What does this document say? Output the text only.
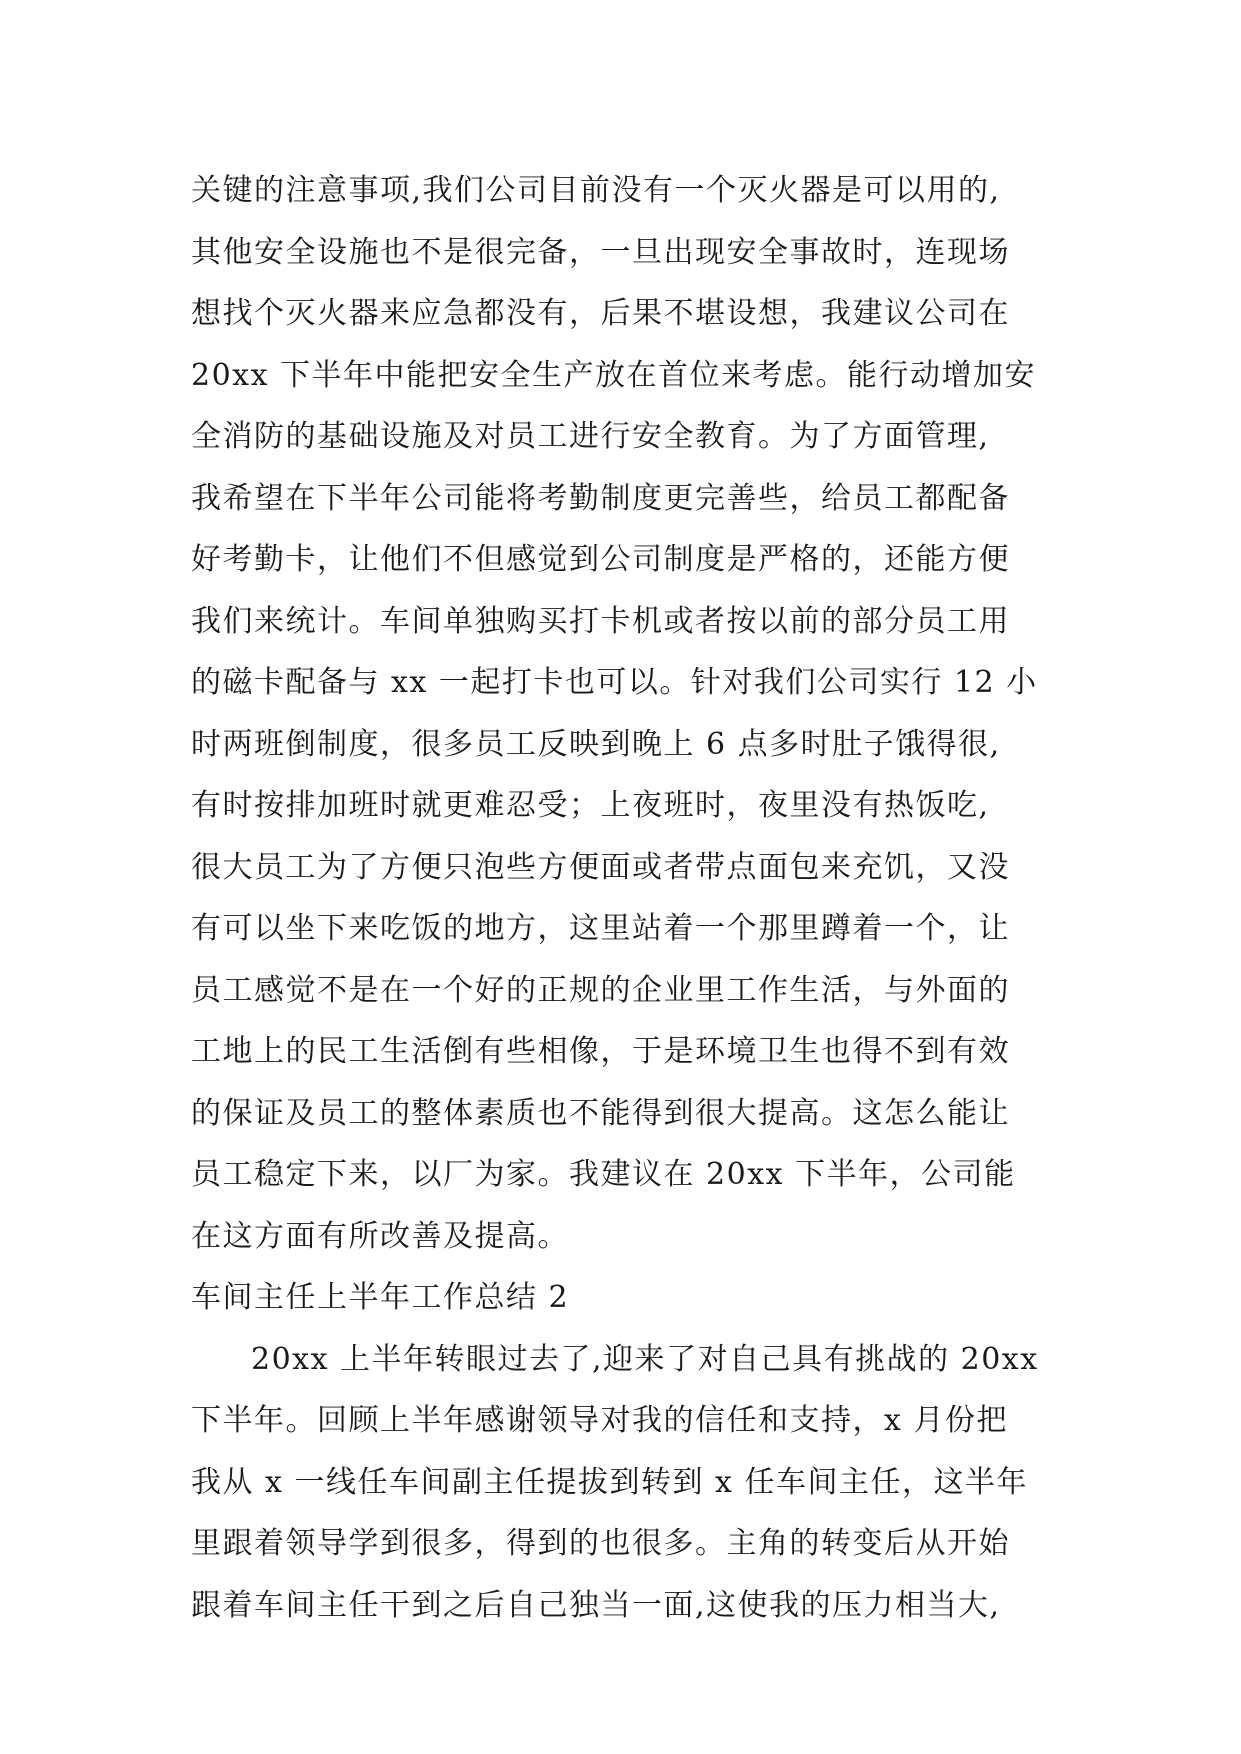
关键的注意事项,我们公司目前没有一个灭火器是可以用的,
其他安全设施也不是很完备，一旦出现安全事故时，连现场
想找个灭火器来应急都没有，后果不堪设想，我建议公司在
20xx 下半年中能把安全生产放在首位来考虑。能行动增加安
全消防的基础设施及对员工进行安全教育。为了方面管理,
我希望在下半年公司能将考勤制度更完善些，给员工都配备
好考勤卡，让他们不但感觉到公司制度是严格的，还能方便
我们来统计。车间单独购买打卡机或者按以前的部分员工用
的磁卡配备与 xx 一起打卡也可以。针对我们公司实行 12 小
时两班倒制度，很多员工反映到晚上 6 点多时肚子饿得很,
有时按排加班时就更难忍受；上夜班时，夜里没有热饭吃,
很大员工为了方便只泡些方便面或者带点面包来充饥，又没
有可以坐下来吃饭的地方，这里站着一个那里蹲着一个，让
员工感觉不是在一个好的正规的企业里工作生活，与外面的
工地上的民工生活倒有些相像，于是环境卫生也得不到有效
的保证及员工的整体素质也不能得到很大提高。这怎么能让
员工稳定下来，以厂为家。我建议在 20xx 下半年，公司能
在这方面有所改善及提高。
车间主任上半年工作总结 2
20xx 上半年转眼过去了,迎来了对自己具有挑战的 20xx
下半年。回顾上半年感谢领导对我的信任和支持，x 月份把
我从 x 一线任车间副主任提拔到转到 x 任车间主任，这半年
里跟着领导学到很多，得到的也很多。主角的转变后从开始
跟着车间主任干到之后自己独当一面,这使我的压力相当大,
